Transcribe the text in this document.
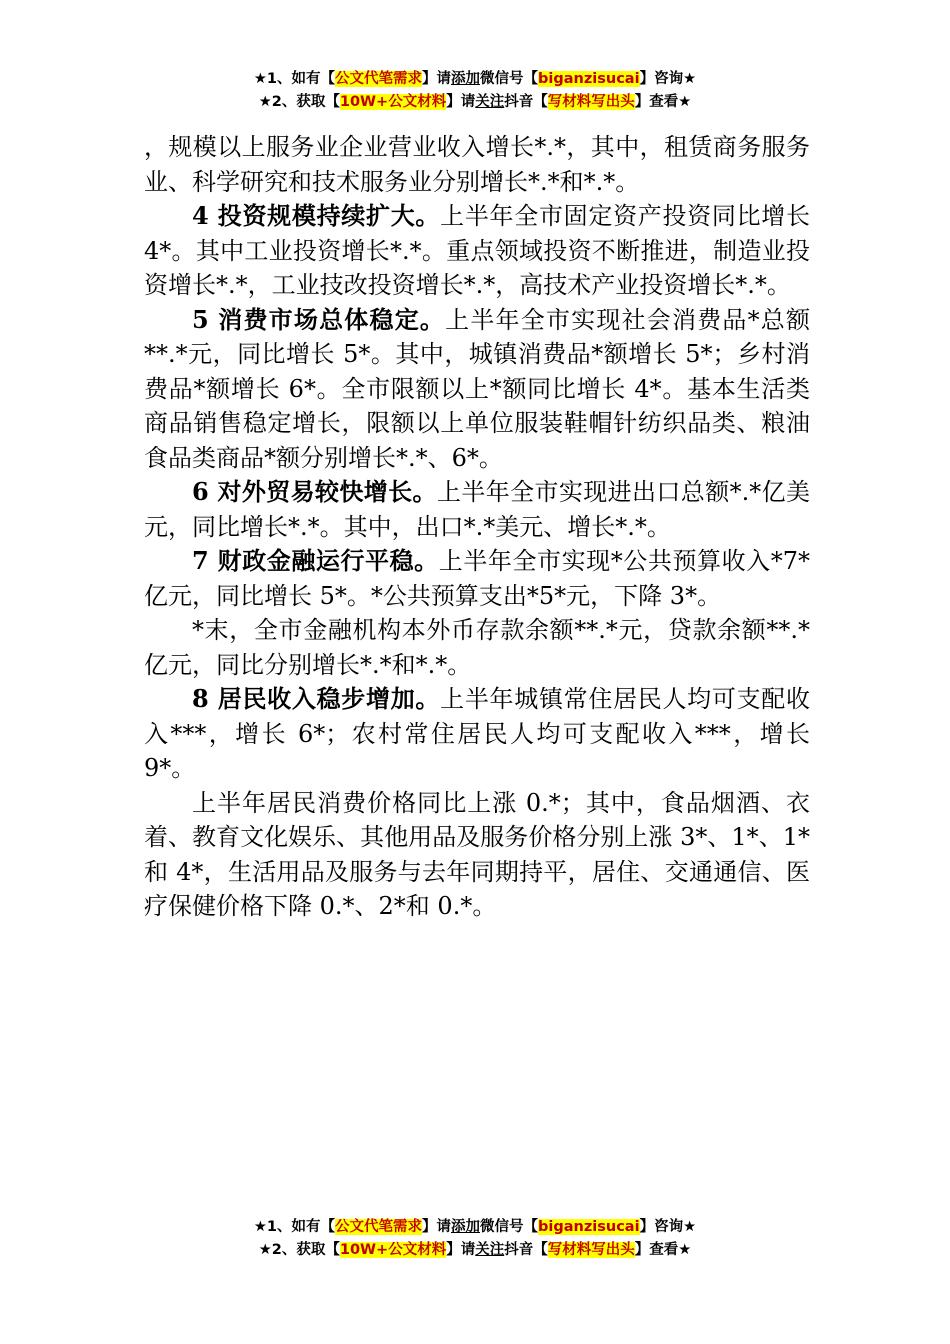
★1、如有【公文代笔需求】请添加微信号【biganzisucai】咨询★
★2、获取【10W+公文材料】请关注抖音【写材料写出头】查看★

，规模以上服务业企业营业收入增长*.*，其中，租赁商务服务业、科学研究和技术服务业分别增长*.*和*.*。

4 投资规模持续扩大。上半年全市固定资产投资同比增长 4*。其中工业投资增长*.*。重点领域投资不断推进，制造业投资增长*.*，工业技改投资增长*.*，高技术产业投资增长*.*。

5 消费市场总体稳定。上半年全市实现社会消费品*总额**.*元，同比增长 5*。其中，城镇消费品*额增长 5*；乡村消费品*额增长 6*。全市限额以上*额同比增长 4*。基本生活类商品销售稳定增长，限额以上单位服装鞋帽针纺织品类、粮油食品类商品*额分别增长*.*、6*。

6 对外贸易较快增长。上半年全市实现进出口总额*.*亿美元，同比增长*.*。其中，出口*.*美元、增长*.*。

7 财政金融运行平稳。上半年全市实现*公共预算收入*7*亿元，同比增长 5*。*公共预算支出*5*元，下降 3*。

*末，全市金融机构本外币存款余额**.*元，贷款余额**.*亿元，同比分别增长*.*和*.*。

8 居民收入稳步增加。上半年城镇常住居民人均可支配收入***，增长 6*；农村常住居民人均可支配收入***，增长 9*。

上半年居民消费价格同比上涨 0.*；其中，食品烟酒、衣着、教育文化娱乐、其他用品及服务价格分别上涨 3*、1*、1*和 4*，生活用品及服务与去年同期持平，居住、交通通信、医疗保健价格下降 0.*、2*和 0.*。

★1、如有【公文代笔需求】请添加微信号【biganzisucai】咨询★
★2、获取【10W+公文材料】请关注抖音【写材料写出头】查看★
